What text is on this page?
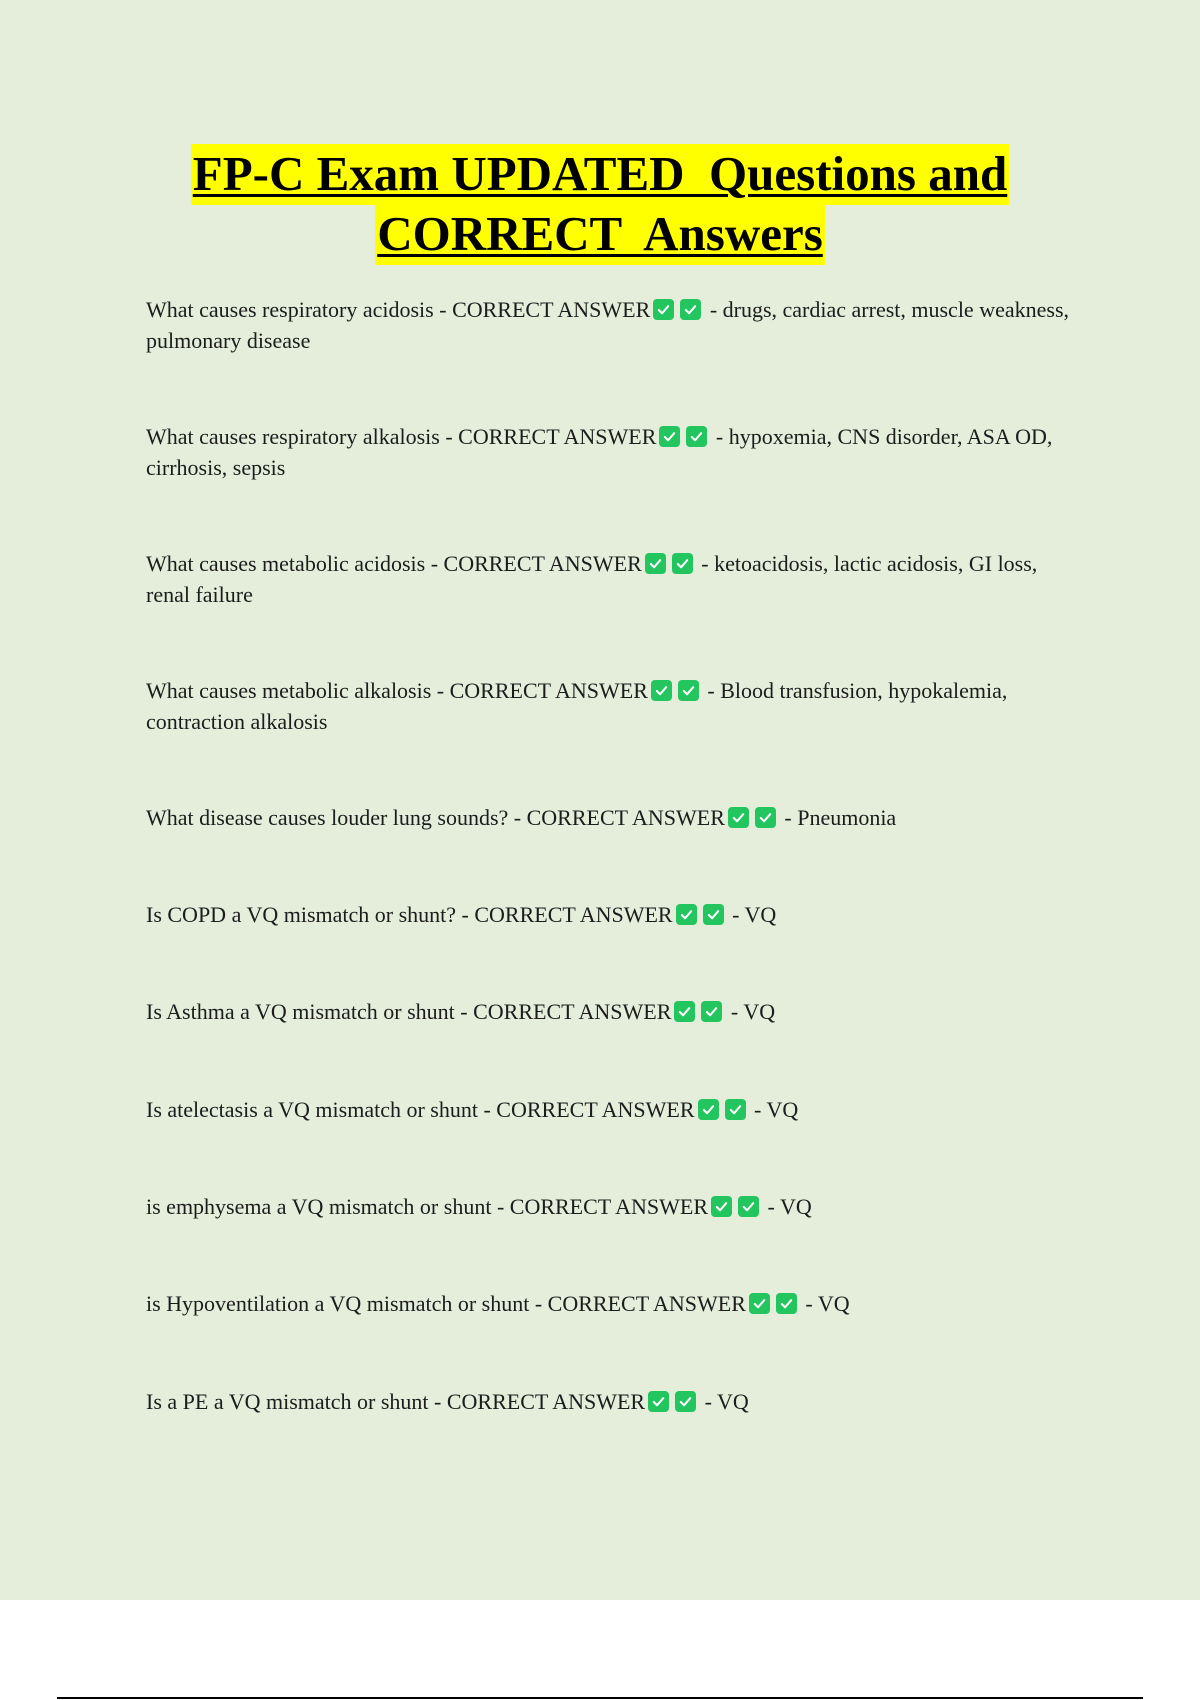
FP-C Exam UPDATED  Questions and
CORRECT  Answers
What causes respiratory acidosis - CORRECT ANSWER
- drugs, cardiac arrest, muscle weakness, pulmonary disease
What causes respiratory alkalosis - CORRECT ANSWER
- hypoxemia, CNS disorder, ASA OD, cirrhosis, sepsis
What causes metabolic acidosis - CORRECT ANSWER
- ketoacidosis, lactic acidosis, GI loss, renal failure
What causes metabolic alkalosis - CORRECT ANSWER
- Blood transfusion, hypokalemia, contraction alkalosis
What disease causes louder lung sounds? - CORRECT ANSWER
- Pneumonia
Is COPD a VQ mismatch or shunt? - CORRECT ANSWER
- VQ
Is Asthma a VQ mismatch or shunt - CORRECT ANSWER
- VQ
Is atelectasis a VQ mismatch or shunt - CORRECT ANSWER
- VQ
is emphysema a VQ mismatch or shunt - CORRECT ANSWER
- VQ
is Hypoventilation a VQ mismatch or shunt - CORRECT ANSWER
- VQ
Is a PE a VQ mismatch or shunt - CORRECT ANSWER
- VQ
